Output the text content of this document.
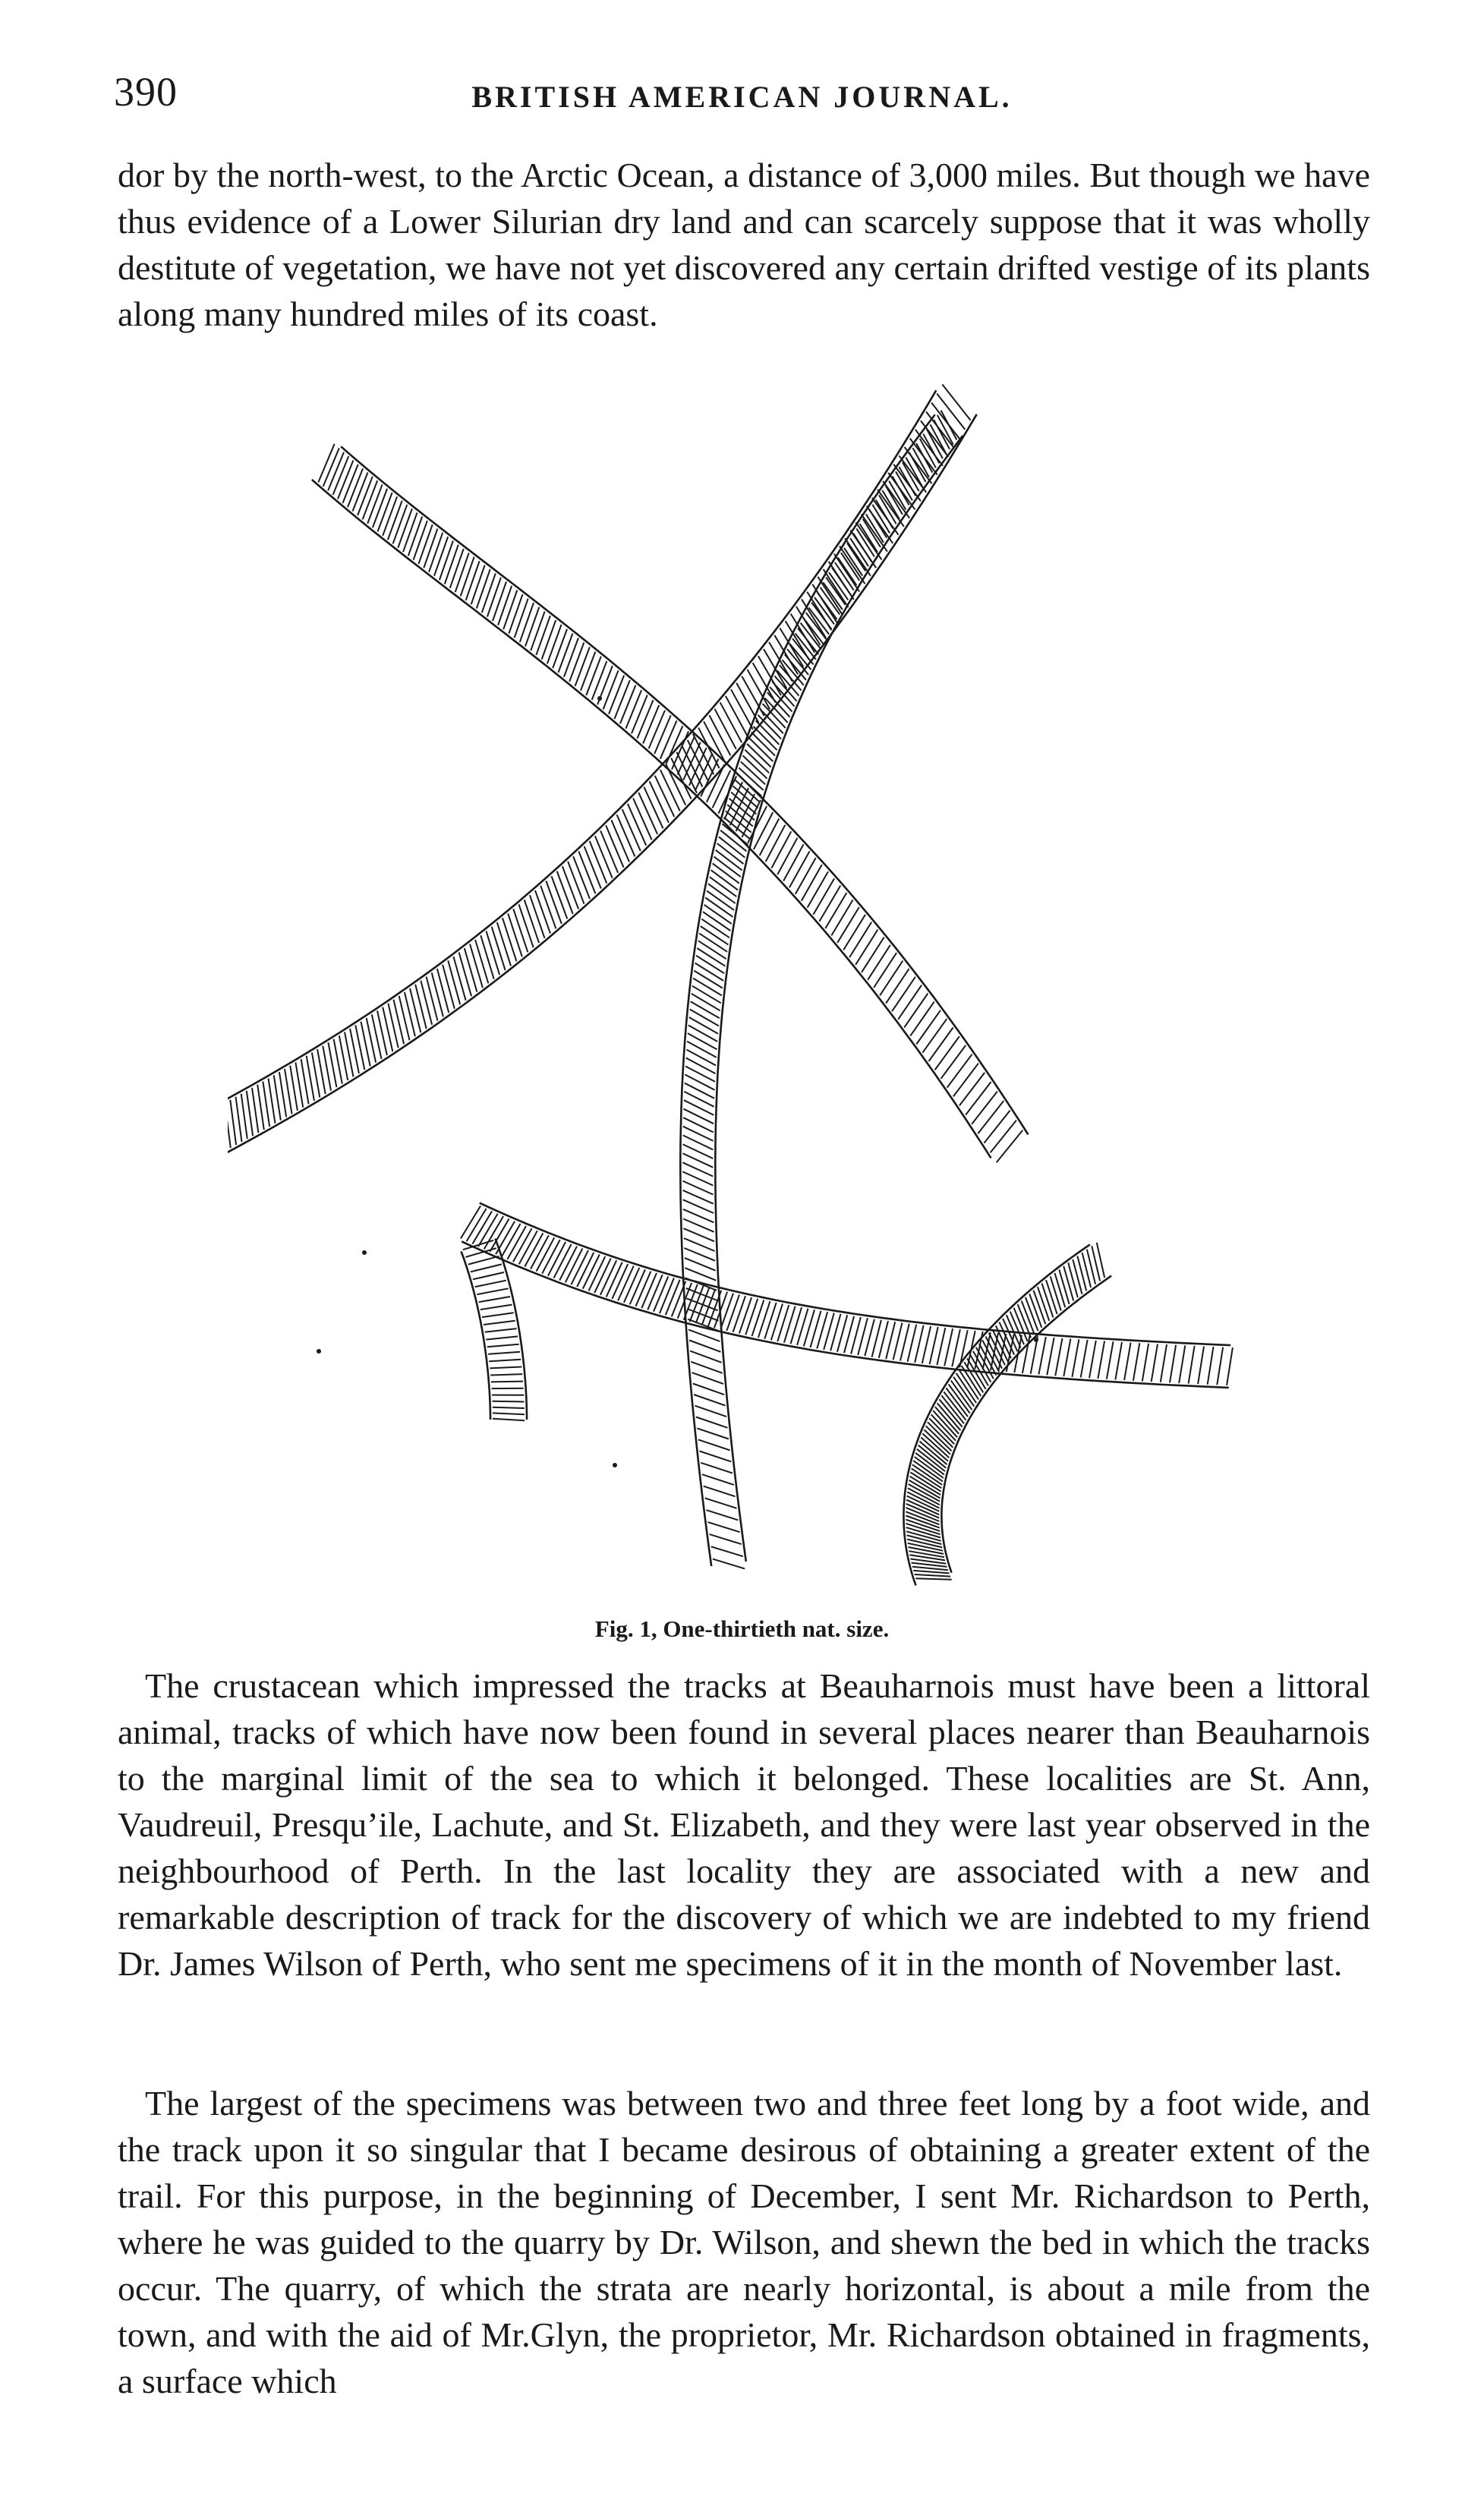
390	BRITISH AMERICAN JOURNAL.

dor by the north-west, to the Arctic Ocean, a distance of 3,000 miles. But though we have thus evidence of a Lower Silurian dry land and can scarcely suppose that it was wholly destitute of vegetation, we have not yet discovered any certain drifted vestige of its plants along many hundred miles of its coast.

Fig. 1, One-thirtieth nat. size.

The crustacean which impressed the tracks at Beauharnois must have been a littoral animal, tracks of which have now been found in several places nearer than Beauharnois to the marginal limit of the sea to which it belonged. These localities are St. Ann, Vaudreuil, Presqu’ile, Lachute, and St. Elizabeth, and they were last year observed in the neighbourhood of Perth. In the last locality they are associated with a new and remarkable description of track for the discovery of which we are indebted to my friend Dr. James Wilson of Perth, who sent me specimens of it in the month of November last.

The largest of the specimens was between two and three feet long by a foot wide, and the track upon it so singular that I became desirous of obtaining a greater extent of the trail. For this purpose, in the beginning of December, I sent Mr. Richardson to Perth, where he was guided to the quarry by Dr. Wilson, and shewn the bed in which the tracks occur. The quarry, of which the strata are nearly horizontal, is about a mile from the town, and with the aid of Mr.Glyn, the proprietor, Mr. Richardson obtained in fragments, a surface which
